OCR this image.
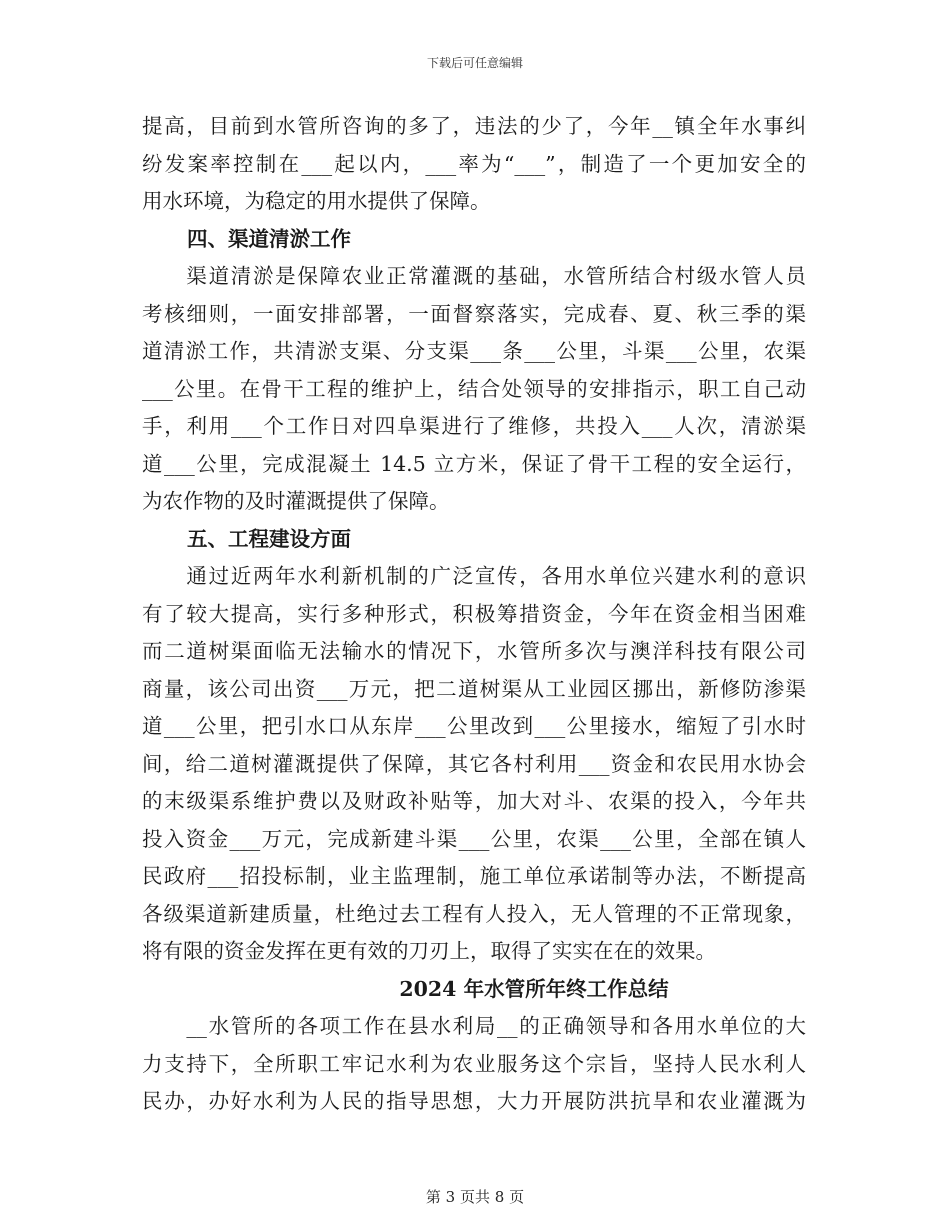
下载后可任意编辑
提高，目前到水管所咨询的多了，违法的少了，今年__镇全年水事纠
纷发案率控制在___起以内，___率为“___”，制造了一个更加安全的
用水环境，为稳定的用水提供了保障。
四、渠道清淤工作
　　渠道清淤是保障农业正常灌溉的基础，水管所结合村级水管人员
考核细则，一面安排部署，一面督察落实，完成春、夏、秋三季的渠
道清淤工作，共清淤支渠、分支渠___条___公里，斗渠___公里，农渠
___公里。在骨干工程的维护上，结合处领导的安排指示，职工自己动
手，利用___个工作日对四阜渠进行了维修，共投入___人次，清淤渠
道___公里，完成混凝土 14.5 立方米，保证了骨干工程的安全运行，
为农作物的及时灌溉提供了保障。
五、工程建设方面
　　通过近两年水利新机制的广泛宣传，各用水单位兴建水利的意识
有了较大提高，实行多种形式，积极筹措资金，今年在资金相当困难
而二道树渠面临无法输水的情况下，水管所多次与澳洋科技有限公司
商量，该公司出资___万元，把二道树渠从工业园区挪出，新修防渗渠
道___公里，把引水口从东岸___公里改到___公里接水，缩短了引水时
间，给二道树灌溉提供了保障，其它各村利用___资金和农民用水协会
的末级渠系维护费以及财政补贴等，加大对斗、农渠的投入，今年共
投入资金___万元，完成新建斗渠___公里，农渠___公里，全部在镇人
民政府___招投标制，业主监理制，施工单位承诺制等办法，不断提高
各级渠道新建质量，杜绝过去工程有人投入，无人管理的不正常现象，
将有限的资金发挥在更有效的刀刃上，取得了实实在在的效果。
2024 年水管所年终工作总结
　　__水管所的各项工作在县水利局__的正确领导和各用水单位的大
力支持下，全所职工牢记水利为农业服务这个宗旨，坚持人民水利人
民办，办好水利为人民的指导思想，大力开展防洪抗旱和农业灌溉为
第 3 页共 8 页
